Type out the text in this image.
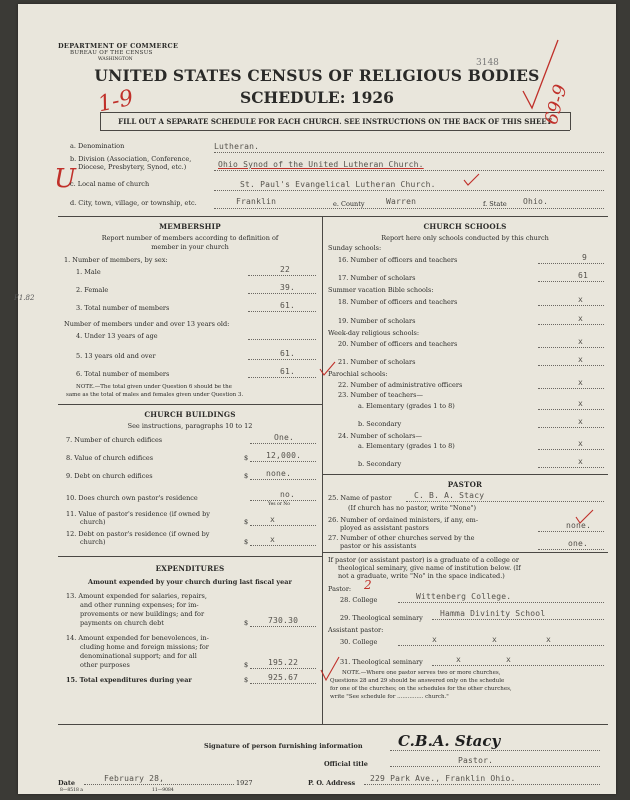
DEPARTMENT OF COMMERCE
BUREAU OF THE CENSUS
WASHINGTON	3148
UNITED STATES CENSUS OF RELIGIOUS BODIES
SCHEDULE: 1926
FILL OUT A SEPARATE SCHEDULE FOR EACH CHURCH. SEE INSTRUCTIONS ON THE BACK OF THIS SHEET
1-9	69-9
U
F1.82
a. Denomination	Lutheran.
b. Division (Association, Conference,
Diocese, Presbytery, Synod, etc.)	Ohio Synod of the United Lutheran Church.
c. Local name of church	St. Paul's Evangelical Lutheran Church.
d. City, town, village, or township, etc.	Franklin	e. County	Warren	f. State Ohio.
MEMBERSHIP
Report number of members according to definition of
member in your church
1. Number of members, by sex:
1. Male	22
2. Female	39.
3. Total number of members	61.
Number of members under and over 13 years old:
4. Under 13 years of age
5. 13 years old and over	61.
6. Total number of members	61.
NOTE.—The total given under Question 6 should be the
same as the total of males and females given under Question 3.
CHURCH BUILDINGS
See instructions, paragraphs 10 to 12
7. Number of church edifices	One.
8. Value of church edifices	$ 12,000.
9. Debt on church edifices	$ none.
10. Does church own pastor's residence	no.
Yes or No
11. Value of pastor's residence (if owned by
church)	$	x
12. Debt on pastor's residence (if owned by
church)	$	x
EXPENDITURES
Amount expended by your church during last fiscal year
13. Amount expended for salaries, repairs,
and other running expenses; for im-
provements or new buildings; and for
payments on church debt	$ 730.30
14. Amount expended for benevolences, in-
cluding home and foreign missions; for
denominational support; and for all
other purposes	$ 195.22
15. Total expenditures during year	$ 925.67
CHURCH SCHOOLS
Report here only schools conducted by this church
Sunday schools:
16. Number of officers and teachers	9
17. Number of scholars	61
Summer vacation Bible schools:
18. Number of officers and teachers	x
19. Number of scholars	x
Week-day religious schools:
20. Number of officers and teachers	x
21. Number of scholars	x
Parochial schools:
22. Number of administrative officers	x
23. Number of teachers—
a. Elementary (grades 1 to 8)	x
b. Secondary	x
24. Number of scholars—
a. Elementary (grades 1 to 8)	x
b. Secondary	x
PASTOR
25. Name of pastor	C. B. A. Stacy
(If church has no pastor, write "None")
26. Number of ordained ministers, if any, em-
ployed as assistant pastors	none.
27. Number of other churches served by the
pastor or his assistants	one.
If pastor (or assistant pastor) is a graduate of a college or
theological seminary, give name of institution below. (If
not a graduate, write "No" in the space indicated.)
Pastor: 2
28. College	Wittenberg College.
29. Theological seminary Hamma Divinity School
Assistant pastor:
30. College	x	x	x
31. Theological seminary	x	x
NOTE.—Where one pastor serves two or more churches,
Questions 28 and 29 should be answered only on the schedule
for one of the churches; on the schedules for the other churches,
write "See schedule for ............... church."
Signature of person furnishing information C.B.A. Stacy
Official title	Pastor.
Date	February 28,	1927	P. O. Address 229 Park Ave., Franklin Ohio.
8—8518 a	11—9084
